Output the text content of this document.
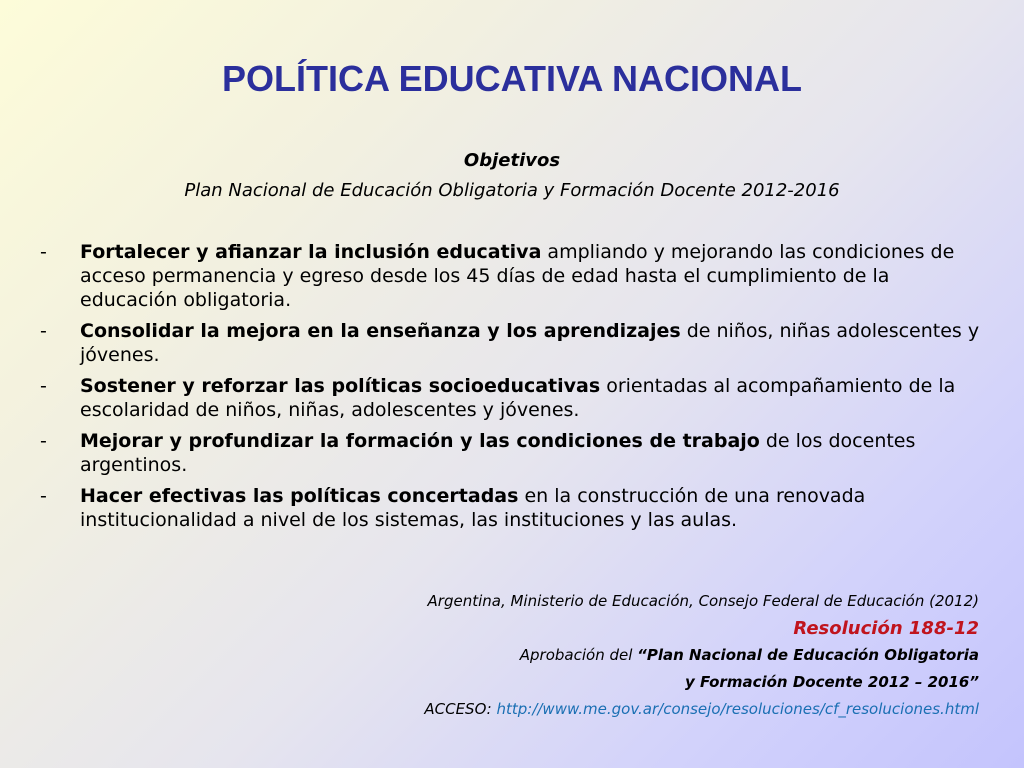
POLÍTICA EDUCATIVA NACIONAL
Objetivos
Plan Nacional de Educación Obligatoria y Formación Docente 2012-2016
- Fortalecer y afianzar la inclusión educativa ampliando y mejorando las condiciones de acceso permanencia y egreso desde los 45 días de edad hasta el cumplimiento de la educación obligatoria.
- Consolidar la mejora en la enseñanza y los aprendizajes de niños, niñas adolescentes y jóvenes.
- Sostener y reforzar las políticas socioeducativas orientadas al acompañamiento de la escolaridad de niños, niñas, adolescentes y jóvenes.
- Mejorar y profundizar la formación y las condiciones de trabajo de los docentes argentinos.
- Hacer efectivas las políticas concertadas en la construcción de una renovada institucionalidad a nivel de los sistemas, las instituciones y las aulas.
Argentina, Ministerio de Educación, Consejo Federal de Educación (2012)
Resolución 188-12
Aprobación del “Plan Nacional de Educación Obligatoria
y Formación Docente 2012 – 2016”
ACCESO: http://www.me.gov.ar/consejo/resoluciones/cf_resoluciones.html
